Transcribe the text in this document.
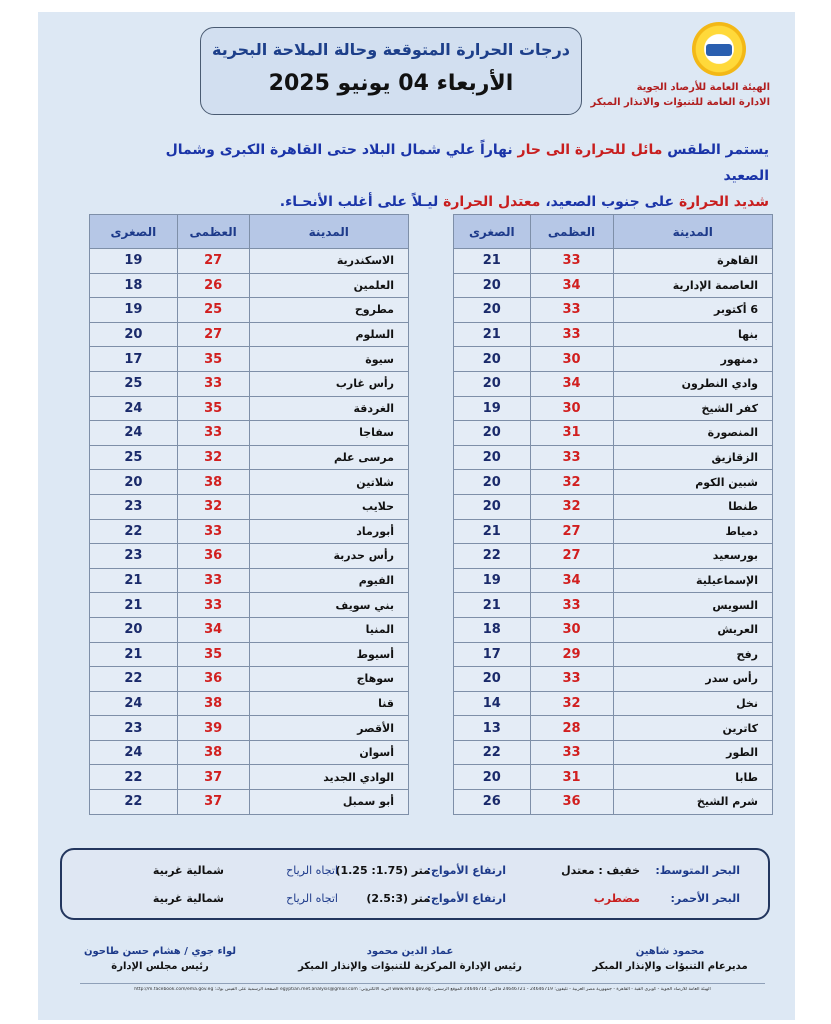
درجات الحرارة المتوقعة وحالة الملاحة البحرية
الأربعاء 04 يونيو 2025	الهيئة العامة للأرصاد الجوية
الادارة العامة للتنبؤات والانذار المبكر
يستمر الطقس مائل للحرارة الى حار نهاراً علي شمال البلاد حتى القاهرة الكبرى وشمال الصعيد
شديد الحرارة على جنوب الصعيد، معتدل الحرارة ليـلاً على أغلب الأنحـاء.
المدينة	العظمى	الصغرى
القاهرة	33	21
العاصمة الإدارية	34	20
6 أكتوبر	33	20
بنها	33	21
دمنهور	30	20
وادي النطرون	34	20
كفر الشيخ	30	19
المنصورة	31	20
الزقازيق	33	20
شبين الكوم	32	20
طنطا	32	20
دمياط	27	21
بورسعيد	27	22
الإسماعيلية	34	19
السويس	33	21
العريش	30	18
رفح	29	17
رأس سدر	33	20
نخل	32	14
كاترين	28	13
الطور	33	22
طابا	31	20
شرم الشيخ	36	26
المدينة	العظمى	الصغرى
الاسكندرية	27	19
العلمين	26	18
مطروح	25	19
السلوم	27	20
سيوة	35	17
رأس غارب	33	25
الغردقة	35	24
سفاجا	33	24
مرسى علم	32	25
شلاتين	38	20
حلايب	32	23
أبورماد	33	22
رأس حدربة	36	23
الفيوم	33	21
بني سويف	33	21
المنيا	34	20
أسيوط	35	21
سوهاج	36	22
قنا	38	24
الأقصر	39	23
أسوان	38	24
الوادي الجديد	37	22
أبو سمبل	37	22
البحر المتوسط:
خفيف : معتدل
ارتفاع الأمواج:
(1.25 :1.75) متر
اتجاه الرياح
شمالية غربية
البحر الأحمر:
مضطرب
ارتفاع الأمواج:
(2.5:3) متر
اتجاه الرياح
شمالية غربية
محمود شاهين
مديرعام التنبؤات والإنذار المبكر
عماد الدين محمود
رئيس الإدارة المركزية للتنبؤات والإنذار المبكر
لواء جوي / هشام حسن طاحون
رئيس مجلس الإدارة
الهيئة العامة للأرصاد الجوية - كوبري القبة - القاهرة - جمهورية مصر العربية - تليفون: 24646719 - 24646721 فاكس: 24646714 الموقع الرسمي: www.ema.gov.eg البريد الالكتروني: egyptian.met.analysis@gmail.com الصفحة الرسمية على الفيس بوك: http://m.facebook.com/ema.gov.eg
